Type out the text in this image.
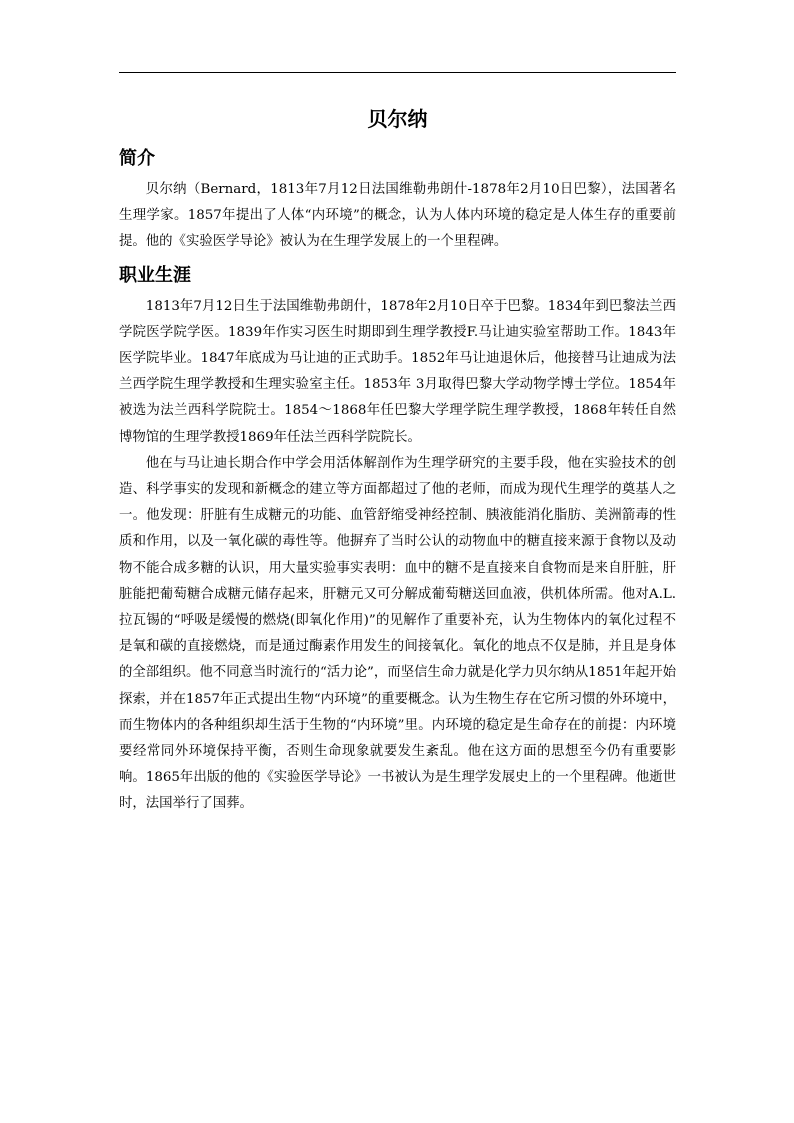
贝尔纳
简介

贝尔纳（Bernard，1813年7月12日法国维勒弗朗什-1878年2月10日巴黎），法国著名生理学家。1857年提出了人体“内环境”的概念，认为人体内环境的稳定是人体生存的重要前提。他的《实验医学导论》被认为在生理学发展上的一个里程碑。

职业生涯

1813年7月12日生于法国维勒弗朗什，1878年2月10日卒于巴黎。1834年到巴黎法兰西学院医学院学医。1839年作实习医生时期即到生理学教授F.马让迪实验室帮助工作。1843年医学院毕业。1847年底成为马让迪的正式助手。1852年马让迪退休后，他接替马让迪成为法兰西学院生理学教授和生理实验室主任。1853年 3月取得巴黎大学动物学博士学位。1854年被选为法兰西科学院院士。1854～1868年任巴黎大学理学院生理学教授，1868年转任自然博物馆的生理学教授1869年任法兰西科学院院长。

他在与马让迪长期合作中学会用活体解剖作为生理学研究的主要手段，他在实验技术的创造、科学事实的发现和新概念的建立等方面都超过了他的老师，而成为现代生理学的奠基人之一。他发现：肝脏有生成糖元的功能、血管舒缩受神经控制、胰液能消化脂肪、美洲箭毒的性质和作用，以及一氧化碳的毒性等。他摒弃了当时公认的动物血中的糖直接来源于食物以及动物不能合成多糖的认识，用大量实验事实表明：血中的糖不是直接来自食物而是来自肝脏，肝脏能把葡萄糖合成糖元储存起来，肝糖元又可分解成葡萄糖送回血液，供机体所需。他对A.L.拉瓦锡的“呼吸是缓慢的燃烧(即氧化作用)”的见解作了重要补充，认为生物体内的氧化过程不是氧和碳的直接燃烧，而是通过酶素作用发生的间接氧化。氧化的地点不仅是肺，并且是身体的全部组织。他不同意当时流行的“活力论”，而坚信生命力就是化学力贝尔纳从1851年起开始探索，并在1857年正式提出生物“内环境”的重要概念。认为生物生存在它所习惯的外环境中，而生物体内的各种组织却生活于生物的“内环境”里。内环境的稳定是生命存在的前提：内环境要经常同外环境保持平衡，否则生命现象就要发生紊乱。他在这方面的思想至今仍有重要影响。1865年出版的他的《实验医学导论》一书被认为是生理学发展史上的一个里程碑。他逝世时，法国举行了国葬。
